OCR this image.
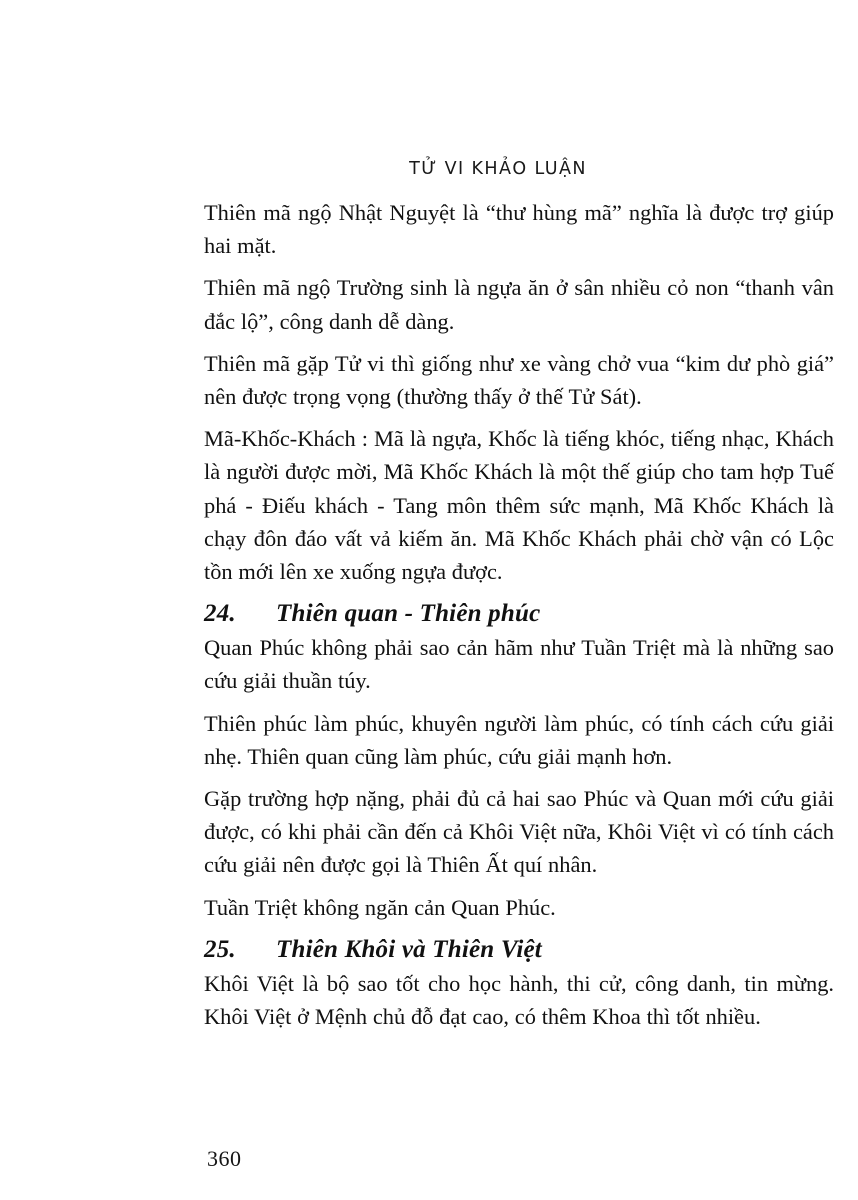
TỬ VI KHẢO LUẬN

Thiên mã ngộ Nhật Nguyệt là “thư hùng mã” nghĩa là được trợ giúp hai mặt.

Thiên mã ngộ Trường sinh là ngựa ăn ở sân nhiều cỏ non “thanh vân đắc lộ”, công danh dễ dàng.

Thiên mã gặp Tử vi thì giống như xe vàng chở vua “kim dư phò giá” nên được trọng vọng (thường thấy ở thế Tử Sát).

Mã-Khốc-Khách : Mã là ngựa, Khốc là tiếng khóc, tiếng nhạc, Khách là người được mời, Mã Khốc Khách là một thế giúp cho tam hợp Tuế phá - Điếu khách - Tang môn thêm sức mạnh, Mã Khốc Khách là chạy đôn đáo vất vả kiếm ăn. Mã Khốc Khách phải chờ vận có Lộc tồn mới lên xe xuống ngựa được.

24. Thiên quan - Thiên phúc

Quan Phúc không phải sao cản hãm như Tuần Triệt mà là những sao cứu giải thuần túy.

Thiên phúc làm phúc, khuyên người làm phúc, có tính cách cứu giải nhẹ. Thiên quan cũng làm phúc, cứu giải mạnh hơn.

Gặp trường hợp nặng, phải đủ cả hai sao Phúc và Quan mới cứu giải được, có khi phải cần đến cả Khôi Việt nữa, Khôi Việt vì có tính cách cứu giải nên được gọi là Thiên Ất quí nhân.

Tuần Triệt không ngăn cản Quan Phúc.

25. Thiên Khôi và Thiên Việt

Khôi Việt là bộ sao tốt cho học hành, thi cử, công danh, tin mừng. Khôi Việt ở Mệnh chủ đỗ đạt cao, có thêm Khoa thì tốt nhiều.

360
